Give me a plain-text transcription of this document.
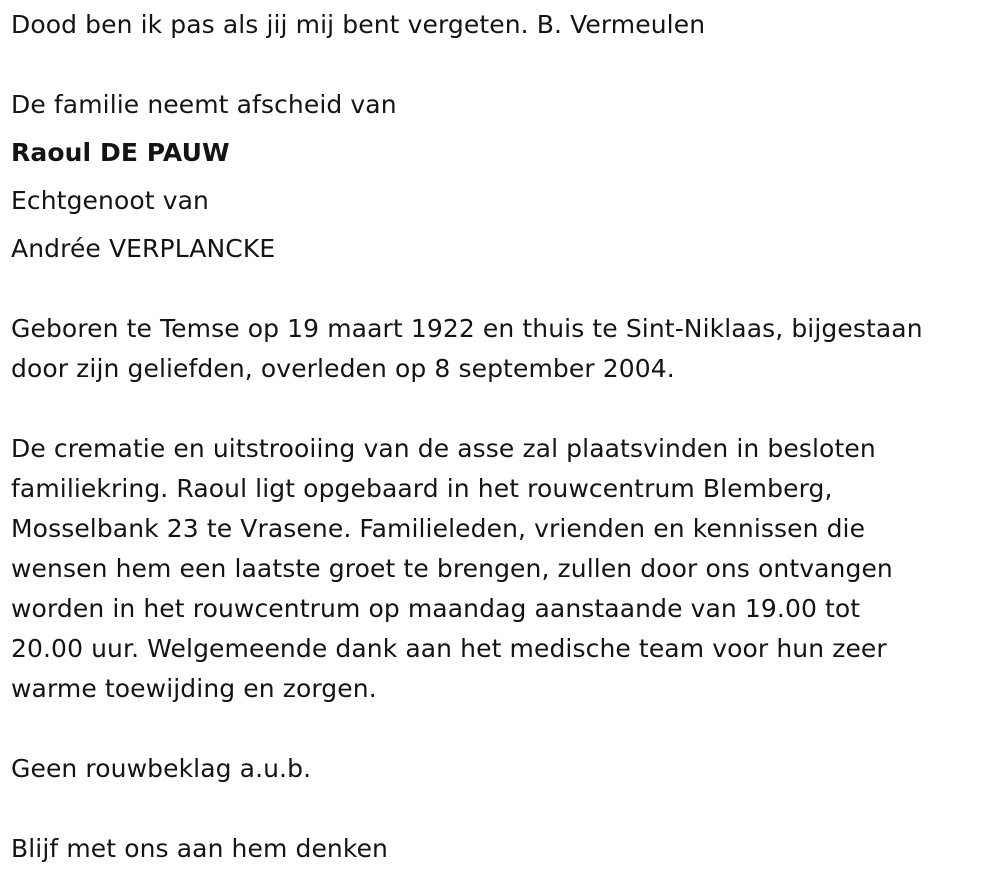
Dood ben ik pas als jij mij bent vergeten. B. Vermeulen
De familie neemt afscheid van
Raoul DE PAUW
Echtgenoot van
Andrée VERPLANCKE
Geboren te Temse op 19 maart 1922 en thuis te Sint-Niklaas, bijgestaan
door zijn geliefden, overleden op 8 september 2004.
De crematie en uitstrooiing van de asse zal plaatsvinden in besloten
familiekring. Raoul ligt opgebaard in het rouwcentrum Blemberg,
Mosselbank 23 te Vrasene. Familieleden, vrienden en kennissen die
wensen hem een laatste groet te brengen, zullen door ons ontvangen
worden in het rouwcentrum op maandag aanstaande van 19.00 tot
20.00 uur. Welgemeende dank aan het medische team voor hun zeer
warme toewijding en zorgen.
Geen rouwbeklag a.u.b.
Blijf met ons aan hem denken
